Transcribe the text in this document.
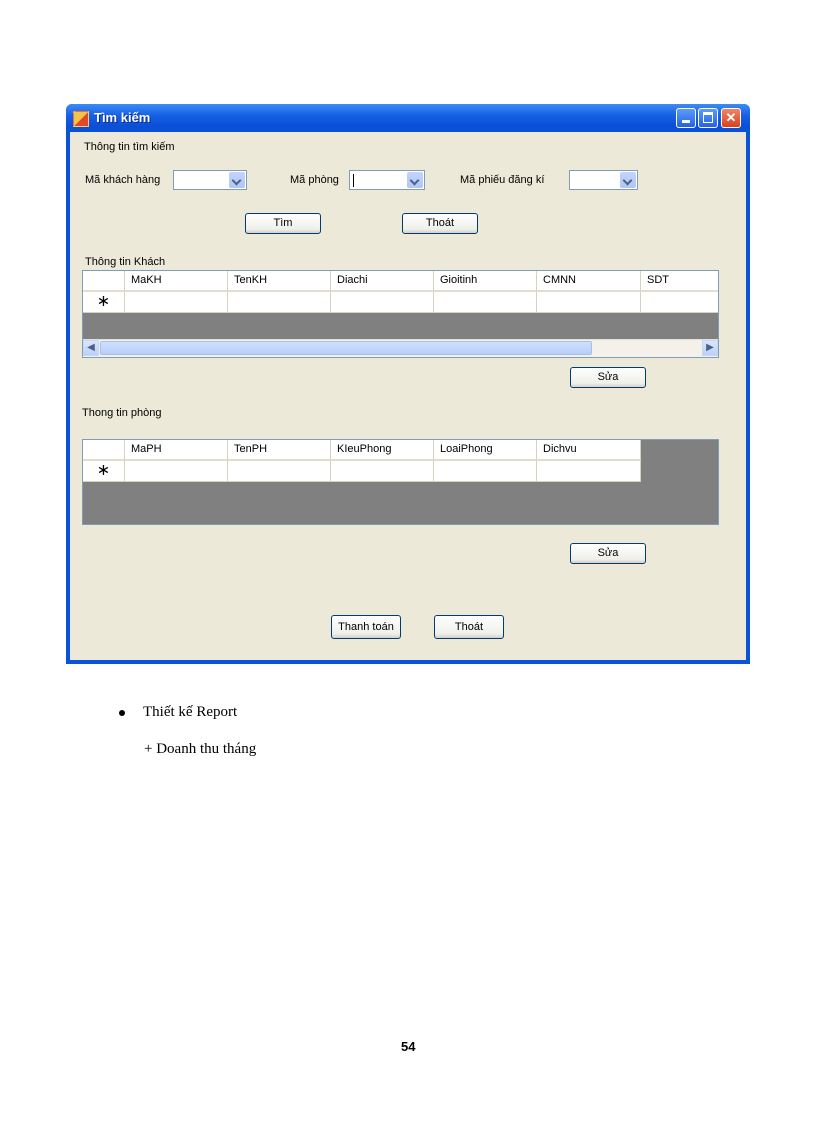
Tìm kiếm	✕
Thông tin tìm kiếm
Mã khách hàng	Mã phòng	Mã phiếu đăng kí
Tìm	Thoát
Thông tin Khách
MaKH	TenKH	Diachi	Gioitinh	CMNN	SDT
∗
◀	▶
Sửa
Thong tin phòng
MaPH	TenPH	KIeuPhong	LoaiPhong	Dichvu
∗
Sửa
Thanh toán	Thoát
Thiết kế Report
+ Doanh thu tháng
54
